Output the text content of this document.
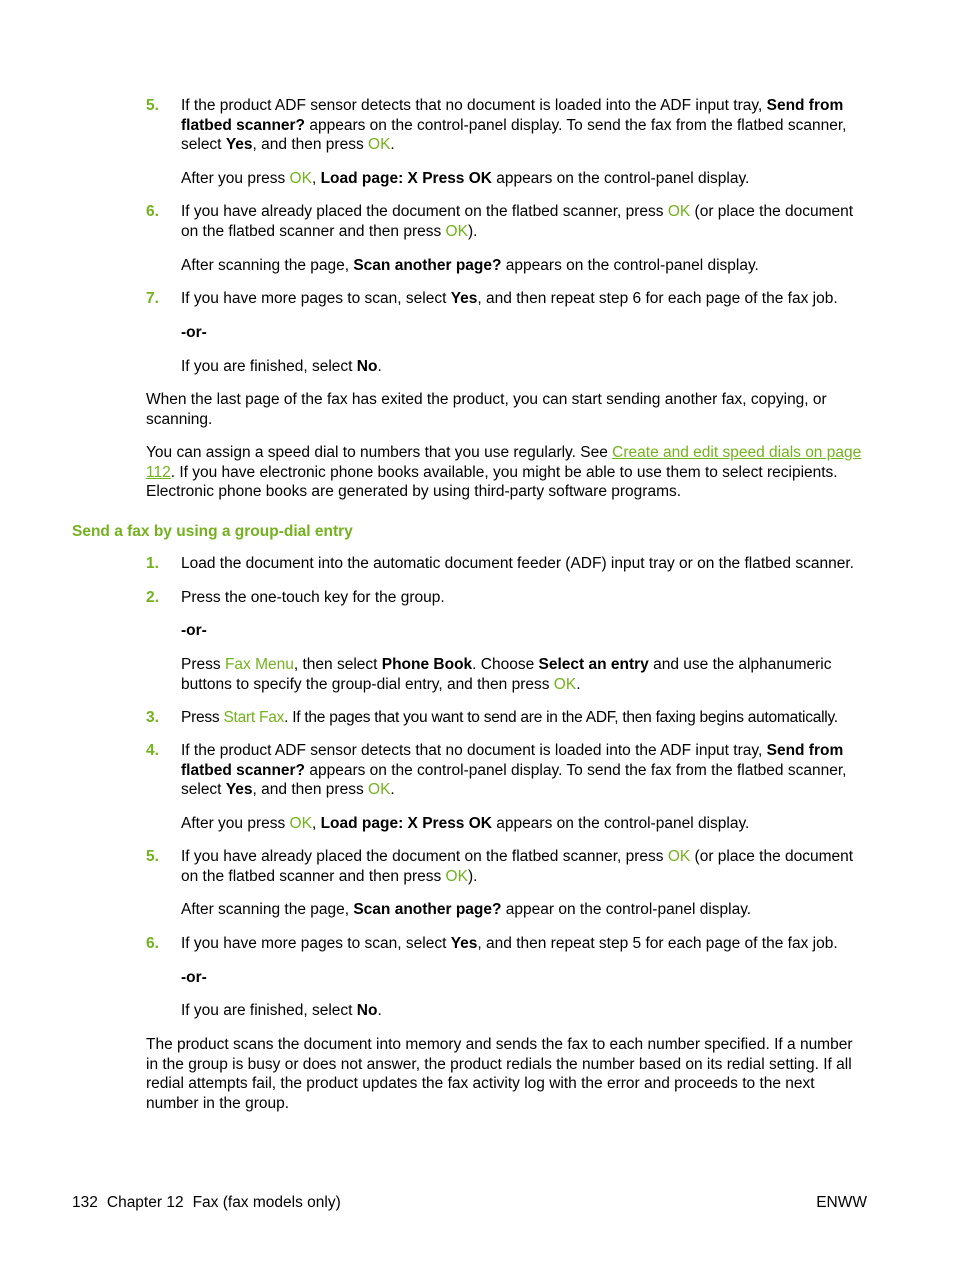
5.	If the product ADF sensor detects that no document is loaded into the ADF input tray, Send from flatbed scanner? appears on the control-panel display. To send the fax from the flatbed scanner, select Yes, and then press OK.
After you press OK, Load page: X Press OK appears on the control-panel display.
6.	If you have already placed the document on the flatbed scanner, press OK (or place the document on the flatbed scanner and then press OK).
After scanning the page, Scan another page? appears on the control-panel display.
7.	If you have more pages to scan, select Yes, and then repeat step 6 for each page of the fax job.
-or-
If you are finished, select No.
When the last page of the fax has exited the product, you can start sending another fax, copying, or scanning.
You can assign a speed dial to numbers that you use regularly. See Create and edit speed dials on page 112. If you have electronic phone books available, you might be able to use them to select recipients. Electronic phone books are generated by using third-party software programs.
Send a fax by using a group-dial entry
1.	Load the document into the automatic document feeder (ADF) input tray or on the flatbed scanner.
2.	Press the one-touch key for the group.
-or-
Press Fax Menu, then select Phone Book. Choose Select an entry and use the alphanumeric buttons to specify the group-dial entry, and then press OK.
3.	Press Start Fax. If the pages that you want to send are in the ADF, then faxing begins automatically.
4.	If the product ADF sensor detects that no document is loaded into the ADF input tray, Send from flatbed scanner? appears on the control-panel display. To send the fax from the flatbed scanner, select Yes, and then press OK.
After you press OK, Load page: X Press OK appears on the control-panel display.
5.	If you have already placed the document on the flatbed scanner, press OK (or place the document on the flatbed scanner and then press OK).
After scanning the page, Scan another page? appear on the control-panel display.
6.	If you have more pages to scan, select Yes, and then repeat step 5 for each page of the fax job.
-or-
If you are finished, select No.
The product scans the document into memory and sends the fax to each number specified. If a number in the group is busy or does not answer, the product redials the number based on its redial setting. If all redial attempts fail, the product updates the fax activity log with the error and proceeds to the next number in the group.
132 Chapter 12 Fax (fax models only)	ENWW
